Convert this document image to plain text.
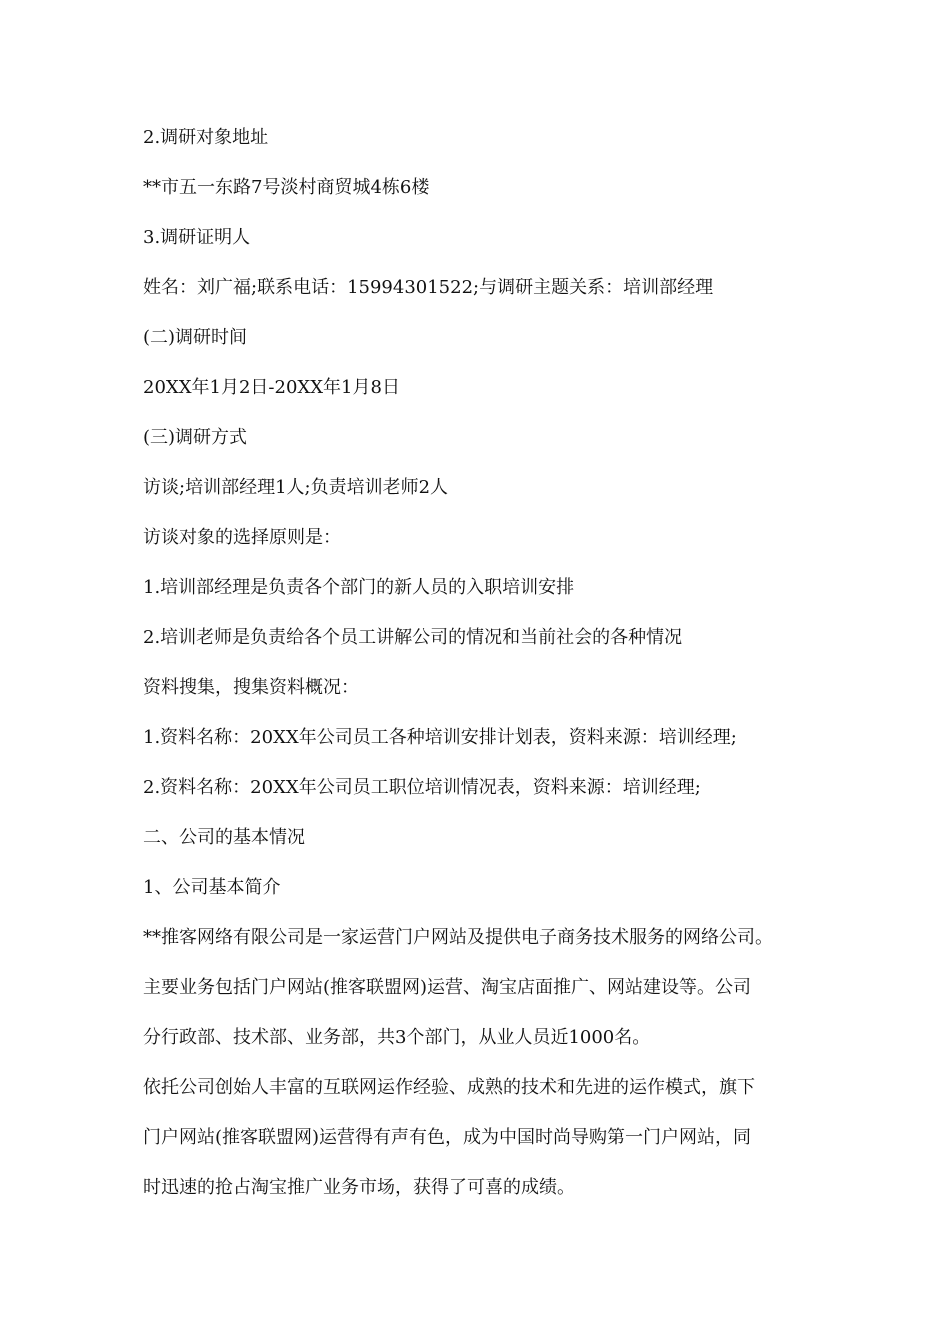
2.调研对象地址
**市五一东路7号淡村商贸城4栋6楼
3.调研证明人
姓名：刘广福;联系电话：15994301522;与调研主题关系：培训部经理
(二)调研时间
20XX年1月2日-20XX年1月8日
(三)调研方式
访谈;培训部经理1人;负责培训老师2人
访谈对象的选择原则是：
1.培训部经理是负责各个部门的新人员的入职培训安排
2.培训老师是负责给各个员工讲解公司的情况和当前社会的各种情况
资料搜集，搜集资料概况：
1.资料名称：20XX年公司员工各种培训安排计划表，资料来源：培训经理;
2.资料名称：20XX年公司员工职位培训情况表，资料来源：培训经理;
二、公司的基本情况
1、公司基本简介
**推客网络有限公司是一家运营门户网站及提供电子商务技术服务的网络公司。
主要业务包括门户网站(推客联盟网)运营、淘宝店面推广、网站建设等。公司
分行政部、技术部、业务部，共3个部门，从业人员近1000名。
依托公司创始人丰富的互联网运作经验、成熟的技术和先进的运作模式，旗下
门户网站(推客联盟网)运营得有声有色，成为中国时尚导购第一门户网站，同
时迅速的抢占淘宝推广业务市场，获得了可喜的成绩。
